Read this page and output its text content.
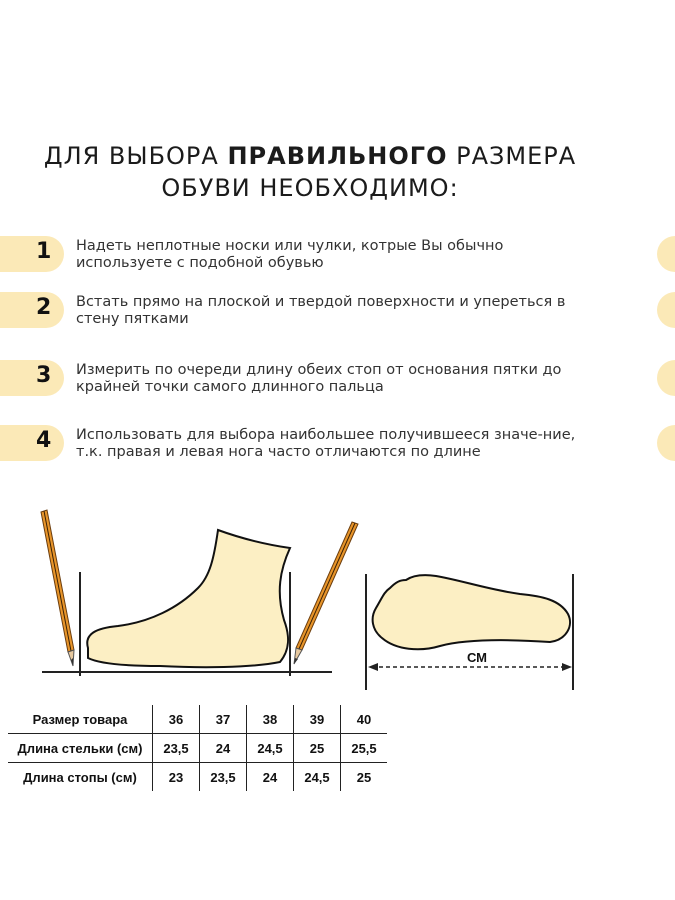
ДЛЯ ВЫБОРА ПРАВИЛЬНОГО РАЗМЕРА
ОБУВИ НЕОБХОДИМО:
1 Надеть неплотные носки или чулки, котрые Вы обычно используете с подобной обувью
2 Встать прямо на плоской и твердой поверхности и упереться в стену пятками
3 Измерить по очереди длину обеих стоп от основания пятки до крайней точки самого длинного пальца
4 Использовать для выбора наибольшее получившееся значе-ние, т.к. правая и левая нога часто отличаются по длине
СМ
Размер товара	36	37	38	39	40
Длина стельки (см)	23,5	24	24,5	25	25,5
Длина стопы (см)	23	23,5	24	24,5	25
